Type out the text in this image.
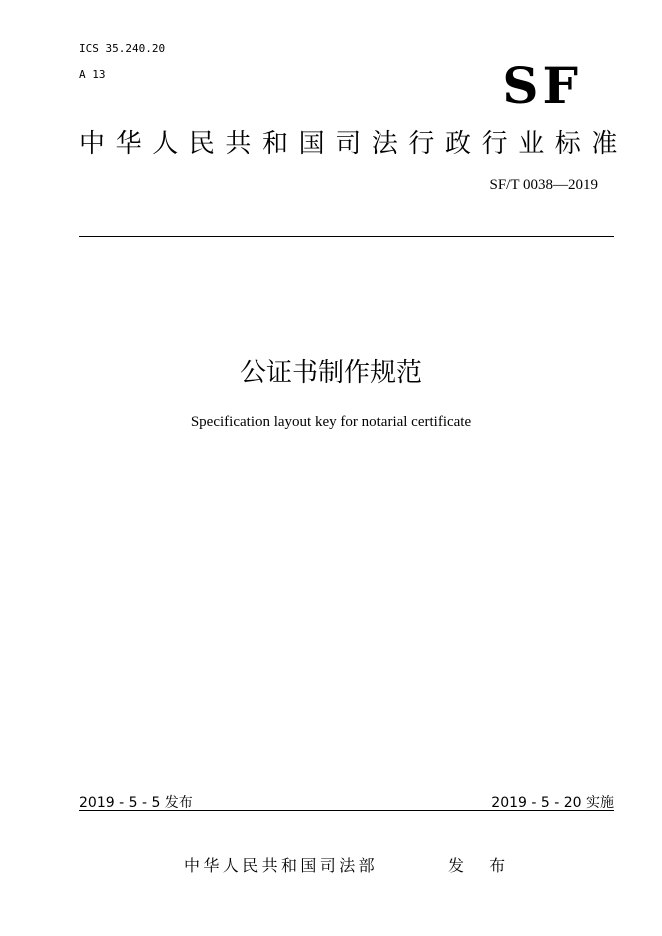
ICS 35.240.20
A 13	SF
中华人民共和国司法行政行业标准
SF/T 0038—2019
公证书制作规范
Specification layout key for notarial certificate
2019 - 5 - 5 发布	2019 - 5 - 20 实施
中华人民共和国司法部	发 布
